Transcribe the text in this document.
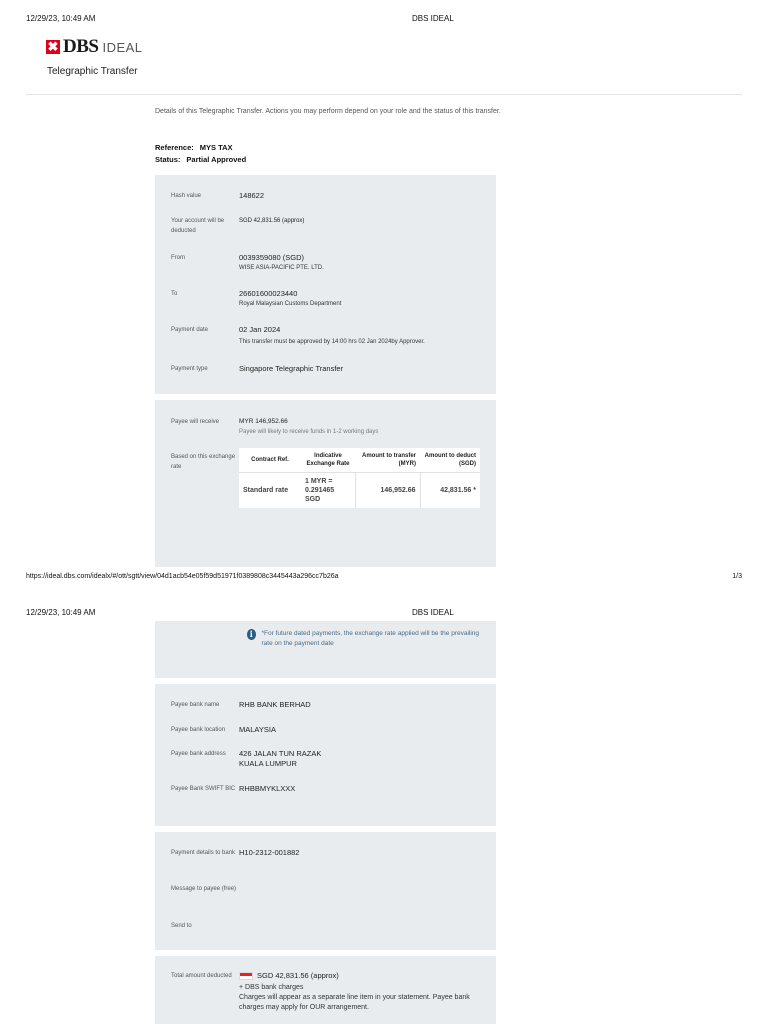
12/29/23, 10:49 AM	DBS IDEAL
✖ DBS IDEAL
Telegraphic Transfer
Details of this Telegraphic Transfer. Actions you may perform depend on your role and the status of this transfer.
Reference: MYS TAX
Status: Partial Approved
Hash value	148622
Your account will be deducted
SGD 42,831.56 (approx)
From	0039359080 (SGD)
WISE ASIA-PACIFIC PTE. LTD.
To	26601600023440
Royal Malaysian Customs Department
Payment date	02 Jan 2024
This transfer must be approved by 14:00 hrs 02 Jan 2024by Approver.
Payment type	Singapore Telegraphic Transfer
Payee will receive	MYR 146,952.66
Payee will likely to receive funds in 1-2 working days
Based on this exchange rate
Contract Ref.	Indicative Exchange Rate	Amount to transfer (MYR)	Amount to deduct (SGD)
Standard rate	1 MYR = 0.291465 SGD	146,952.66	42,831.56 *
https://ideal.dbs.com/idealx/#/ott/sgtt/view/04d1acb54e05f59d51971f0389808c3445443a296cc7b26a	1/3
12/29/23, 10:49 AM	DBS IDEAL
i	*For future dated payments, the exchange rate applied will be the prevailing rate on the payment date
Payee bank name	RHB BANK BERHAD
Payee bank location	MALAYSIA
Payee bank address	426 JALAN TUN RAZAK
KUALA LUMPUR
Payee Bank SWIFT BIC RHBBMYKLXXX
Payment details to bank H10-2312-001882
Message to payee (free)
Send to
Total amount deducted	SGD 42,831.56 (approx)
+ DBS bank charges
Charges will appear as a separate line item in your statement. Payee bank charges may apply for OUR arrangement.
